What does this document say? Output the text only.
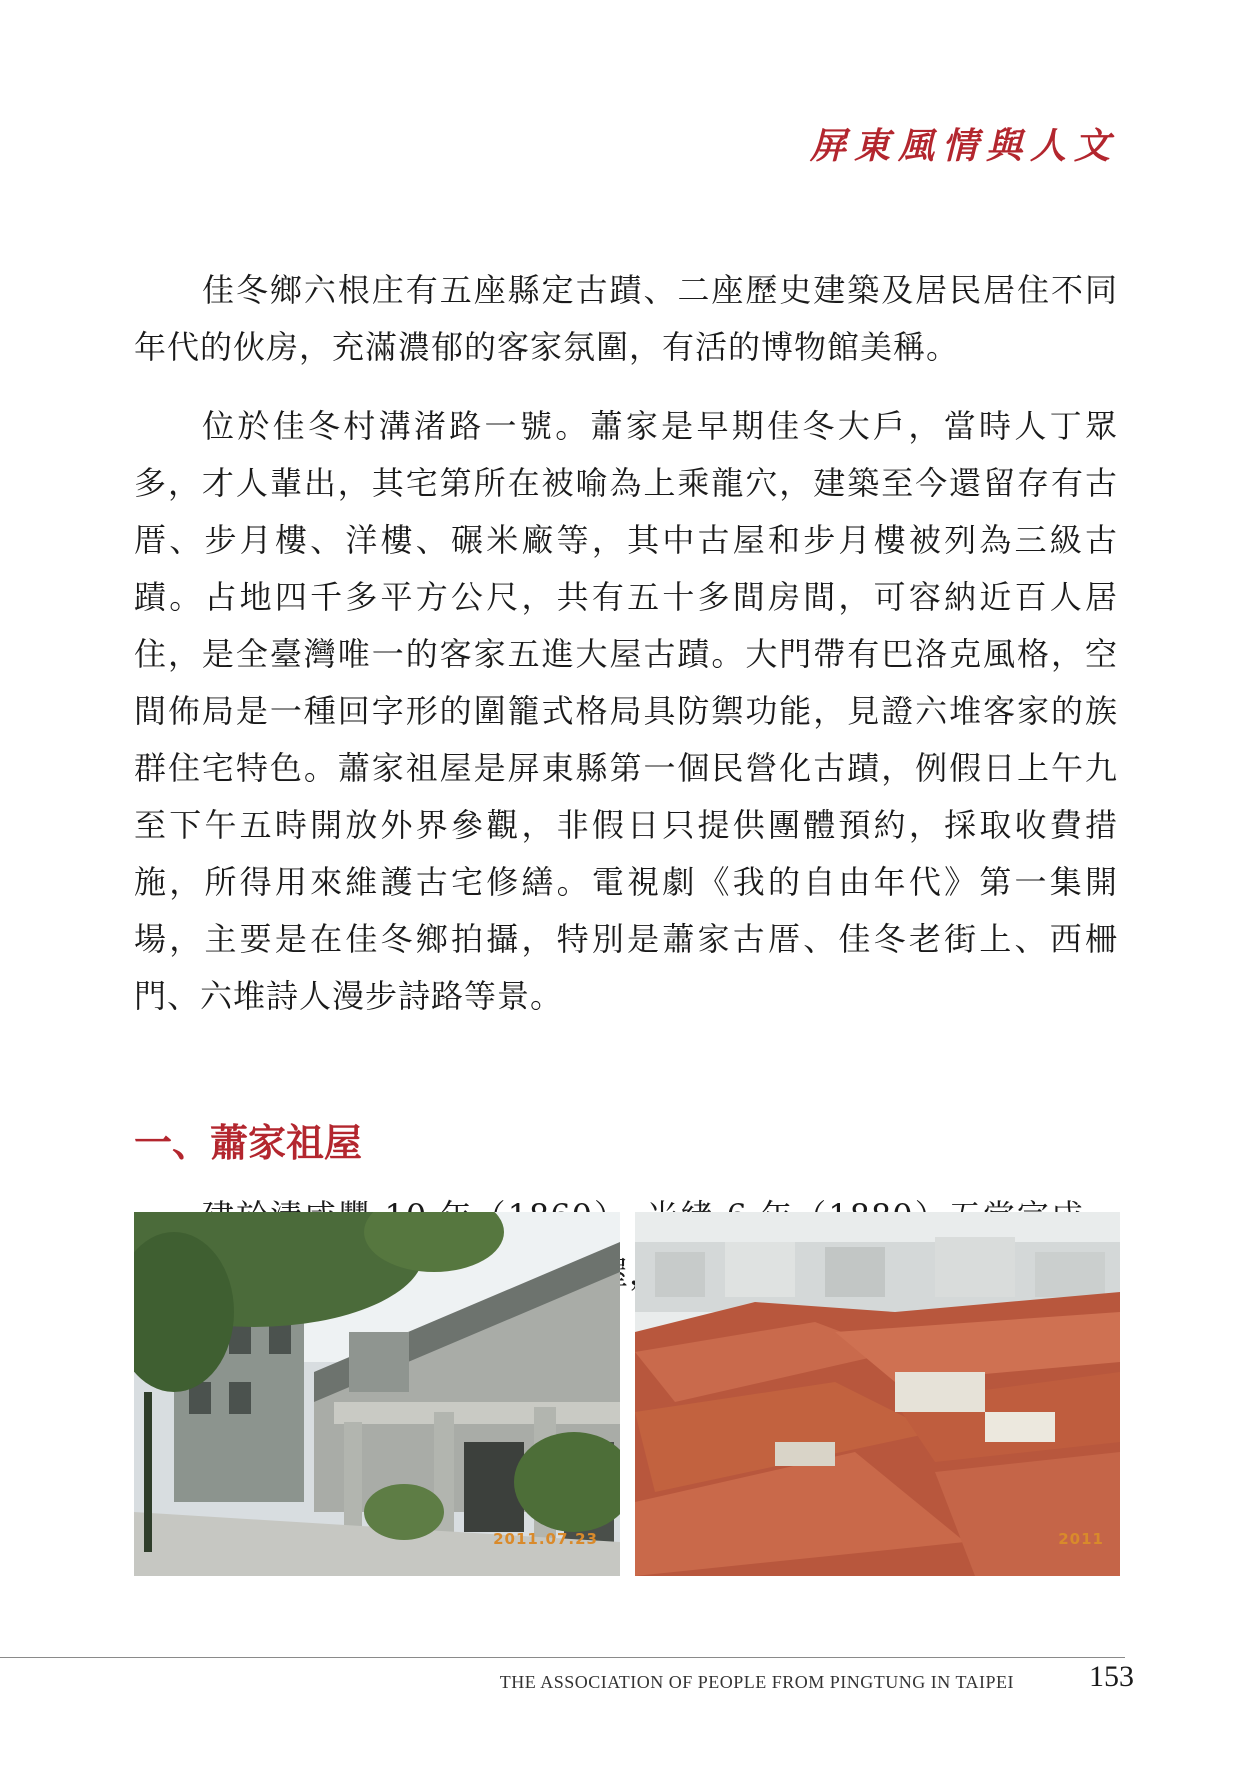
屏東風情與人文

佳冬鄉六根庄有五座縣定古蹟、二座歷史建築及居民居住不同年代的伙房，充滿濃郁的客家氛圍，有活的博物館美稱。

位於佳冬村溝渚路一號。蕭家是早期佳冬大戶，當時人丁眾多，才人輩出，其宅第所在被喻為上乘龍穴，建築至今還留存有古厝、步月樓、洋樓、碾米廠等，其中古屋和步月樓被列為三級古蹟。占地四千多平方公尺，共有五十多間房間，可容納近百人居住，是全臺灣唯一的客家五進大屋古蹟。大門帶有巴洛克風格，空間佈局是一種回字形的圍籠式格局具防禦功能，見證六堆客家的族群住宅特色。蕭家祖屋是屏東縣第一個民營化古蹟，例假日上午九至下午五時開放外界參觀，非假日只提供團體預約，採取收費措施，所得用來維護古宅修繕。電視劇《我的自由年代》第一集開場，主要是在佳冬鄉拍攝，特別是蕭家古厝、佳冬老街上、西柵門、六堆詩人漫步詩路等景。

一、蕭家祖屋

2011.07.23	2011
THE ASSOCIATION OF PEOPLE FROM PINGTUNG IN TAIPEI	153
